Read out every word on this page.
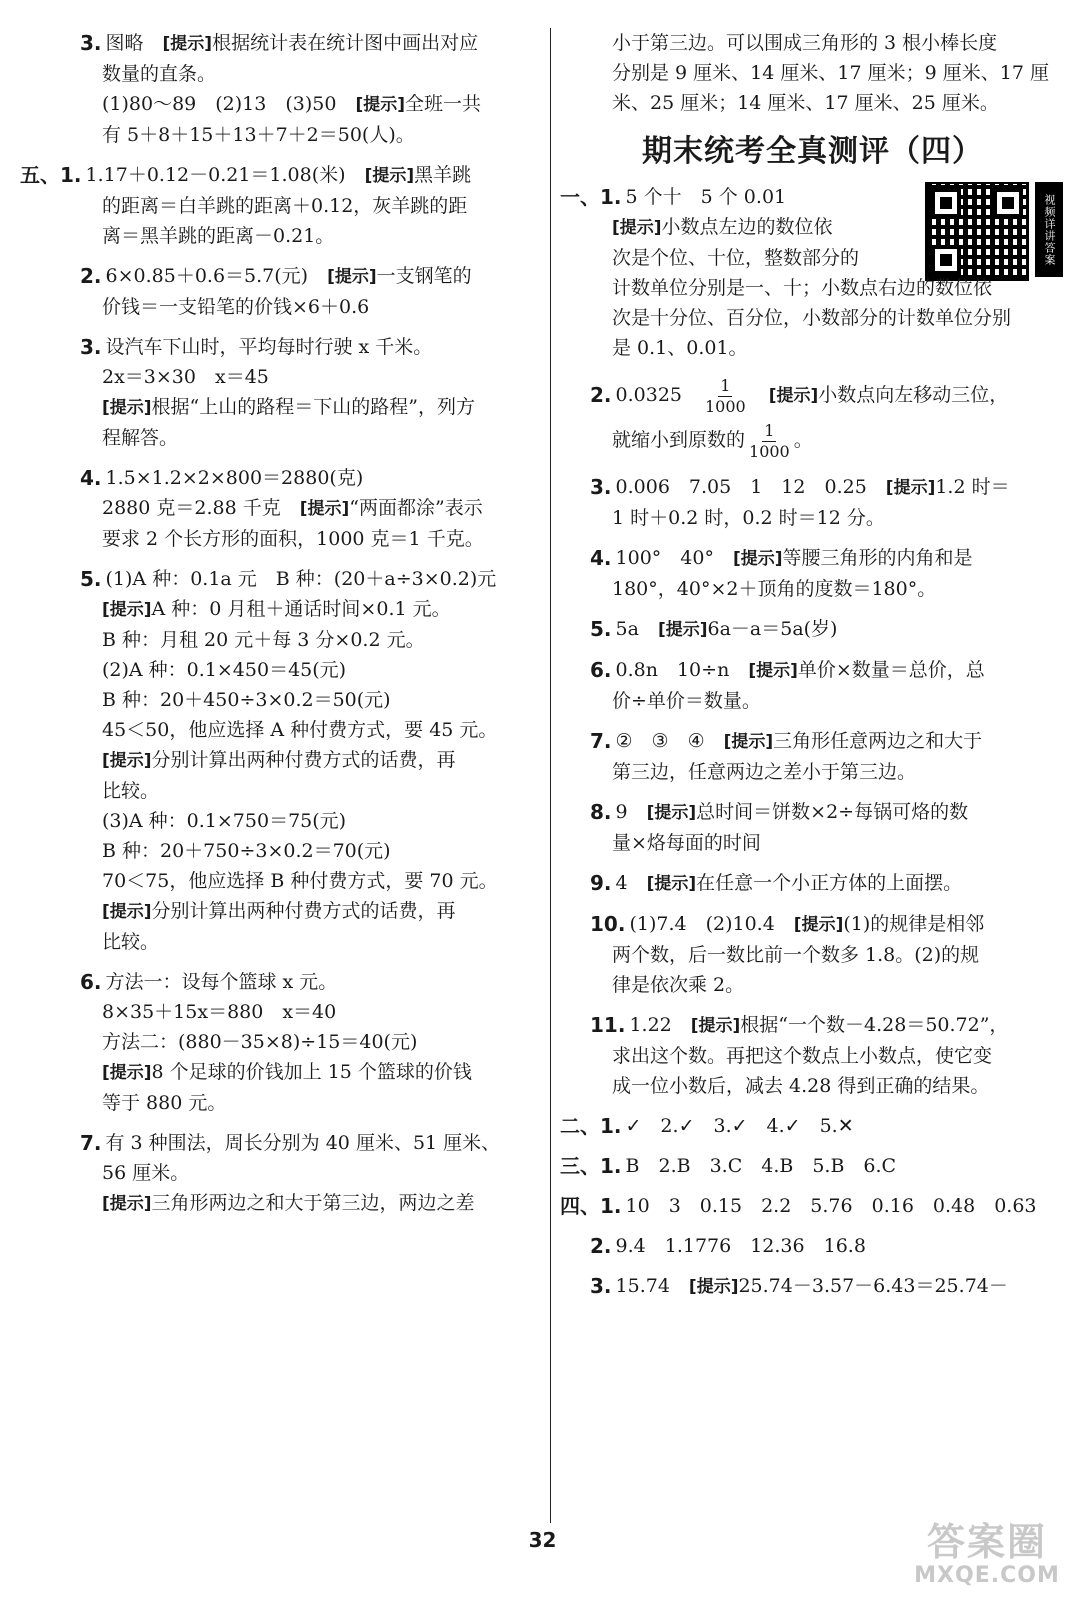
3. 图略　[提示]根据统计表在统计图中画出对应
数量的直条。
(1)80～89　(2)13　(3)50　[提示]全班一共
有 5＋8＋15＋13＋7＋2＝50(人)。
五、1. 1.17＋0.12－0.21＝1.08(米)　[提示]黑羊跳
的距离＝白羊跳的距离＋0.12，灰羊跳的距
离＝黑羊跳的距离－0.21。
2. 6×0.85＋0.6＝5.7(元)　[提示]一支钢笔的
价钱＝一支铅笔的价钱×6＋0.6
3. 设汽车下山时，平均每时行驶 x 千米。
2x＝3×30　x＝45
[提示]根据“上山的路程＝下山的路程”，列方
程解答。
4. 1.5×1.2×2×800＝2880(克)
2880 克＝2.88 千克　[提示]“两面都涂”表示
要求 2 个长方形的面积，1000 克＝1 千克。
5. (1)A 种：0.1a 元　B 种：(20＋a÷3×0.2)元
[提示]A 种：0 月租＋通话时间×0.1 元。
B 种：月租 20 元＋每 3 分×0.2 元。
(2)A 种：0.1×450＝45(元)
B 种：20＋450÷3×0.2＝50(元)
45＜50，他应选择 A 种付费方式，要 45 元。
[提示]分别计算出两种付费方式的话费，再
比较。
(3)A 种：0.1×750＝75(元)
B 种：20＋750÷3×0.2＝70(元)
70＜75，他应选择 B 种付费方式，要 70 元。
[提示]分别计算出两种付费方式的话费，再
比较。
6. 方法一：设每个篮球 x 元。
8×35＋15x＝880　x＝40
方法二：(880－35×8)÷15＝40(元)
[提示]8 个足球的价钱加上 15 个篮球的价钱
等于 880 元。
7. 有 3 种围法，周长分别为 40 厘米、51 厘米、
56 厘米。
[提示]三角形两边之和大于第三边，两边之差
小于第三边。可以围成三角形的 3 根小棒长度
分别是 9 厘米、14 厘米、17 厘米；9 厘米、17 厘
米、25 厘米；14 厘米、17 厘米、25 厘米。
期末统考全真测评（四）
视频详讲答案
一、1. 5 个十　5 个 0.01
[提示]小数点左边的数位依
次是个位、十位，整数部分的
计数单位分别是一、十；小数点右边的数位依
次是十分位、百分位，小数部分的计数单位分别
是 0.1、0.01。
2. 0.0325　 $\frac{1}{1000}$
　 [提示]小数点向左移动三位，
就缩小到原数的 $\frac{1}{1000}$ 。
3. 0.006　7.05　1　12　0.25　[提示]1.2 时＝
1 时＋0.2 时，0.2 时＝12 分。
4. 100°　40°　[提示]等腰三角形的内角和是
180°，40°×2＋顶角的度数＝180°。
5. 5a　[提示]6a－a＝5a(岁)
6. 0.8n　10÷n　[提示]单价×数量＝总价，总
价÷单价＝数量。
7. ②　③　④　[提示]三角形任意两边之和大于
第三边，任意两边之差小于第三边。
8. 9　[提示]总时间＝饼数×2÷每锅可烙的数
量×烙每面的时间
9. 4　[提示]在任意一个小正方体的上面摆。
10. (1)7.4　(2)10.4　[提示](1)的规律是相邻
两个数，后一数比前一个数多 1.8。(2)的规
律是依次乘 2。
11. 1.22　[提示]根据“一个数－4.28＝50.72”，
求出这个数。再把这个数点上小数点，使它变
成一位小数后，减去 4.28 得到正确的结果。
二、1. ✓　2.✓　3.✓　4.✓　5.✕
三、1. B　2.B　3.C　4.B　5.B　6.C
四、1. 10　3　0.15　2.2　5.76　0.16　0.48　0.63
2. 9.4　1.1776　12.36　16.8
3. 15.74　[提示]25.74－3.57－6.43＝25.74－
32	答案圈
MXQE.COM
